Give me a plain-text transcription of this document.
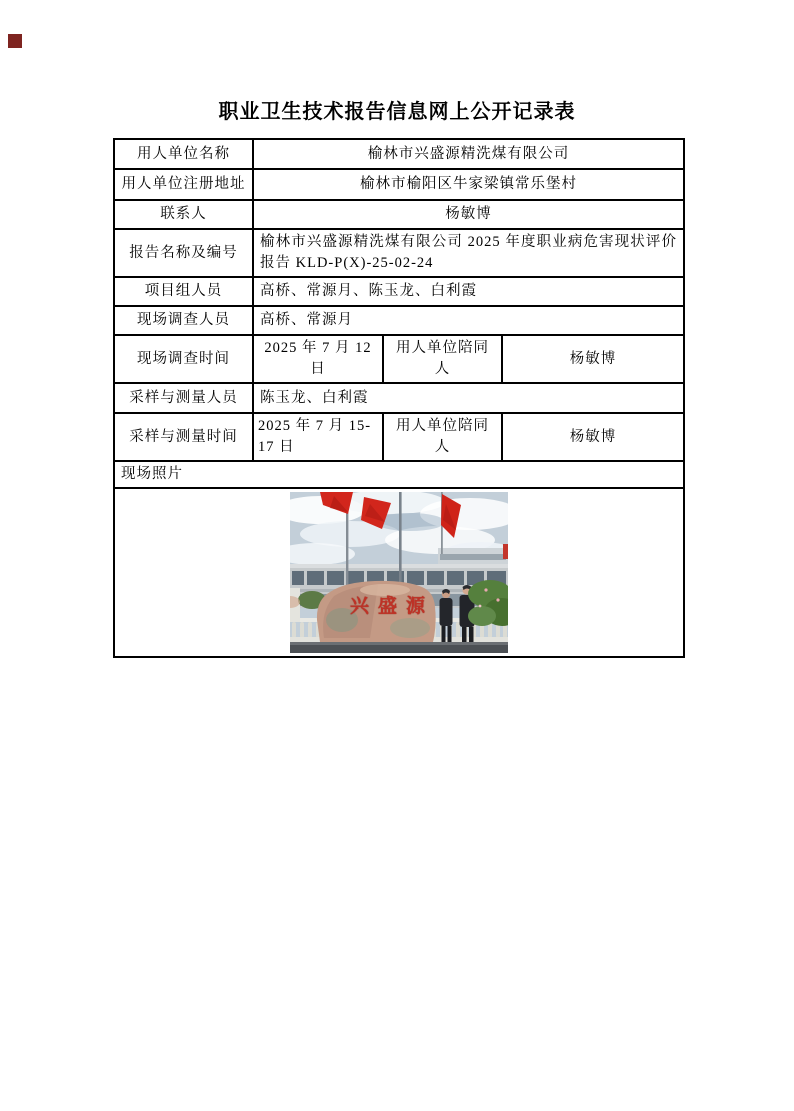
职业卫生技术报告信息网上公开记录表
用人单位名称	榆林市兴盛源精洗煤有限公司		
用人单位注册地址	榆林市榆阳区牛家梁镇常乐堡村		
联系人	杨敏博		
报告名称及编号	榆林市兴盛源精洗煤有限公司 2025 年度职业病危害现状评价报告 KLD-P(X)-25-02-24		
项目组人员	高桥、常源月、陈玉龙、白利霞		
现场调查人员	高桥、常源月		
现场调查时间	2025 年 7 月 12 日	用人单位陪同人	杨敏博
采样与测量人员	陈玉龙、白利霞		
采样与测量时间	2025 年 7 月 15-17 日	用人单位陪同人	杨敏博
现场照片			

兴盛源			
